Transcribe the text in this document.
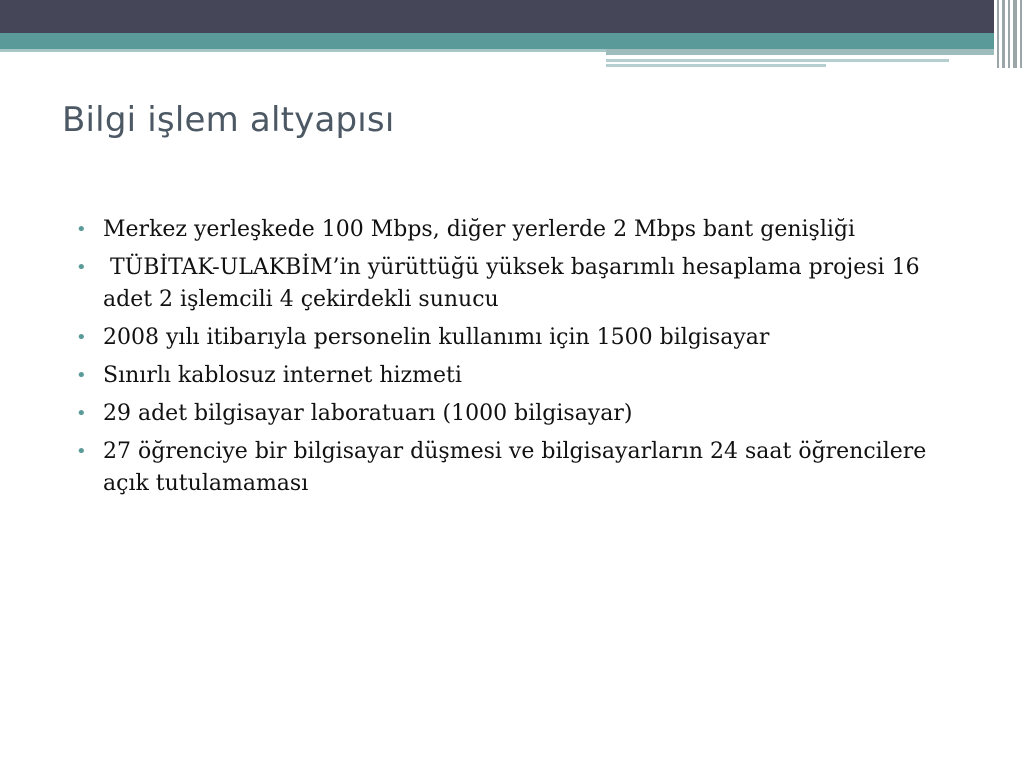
Bilgi işlem altyapısı
• Merkez yerleşkede 100 Mbps, diğer yerlerde 2 Mbps bant genişliği
• TÜBİTAK-ULAKBİM’in yürüttüğü yüksek başarımlı hesaplama projesi 16 adet 2 işlemcili 4 çekirdekli sunucu
• 2008 yılı itibarıyla personelin kullanımı için 1500 bilgisayar
• Sınırlı kablosuz internet hizmeti
• 29 adet bilgisayar laboratuarı (1000 bilgisayar)
• 27 öğrenciye bir bilgisayar düşmesi ve bilgisayarların 24 saat öğrencilere açık tutulamaması
